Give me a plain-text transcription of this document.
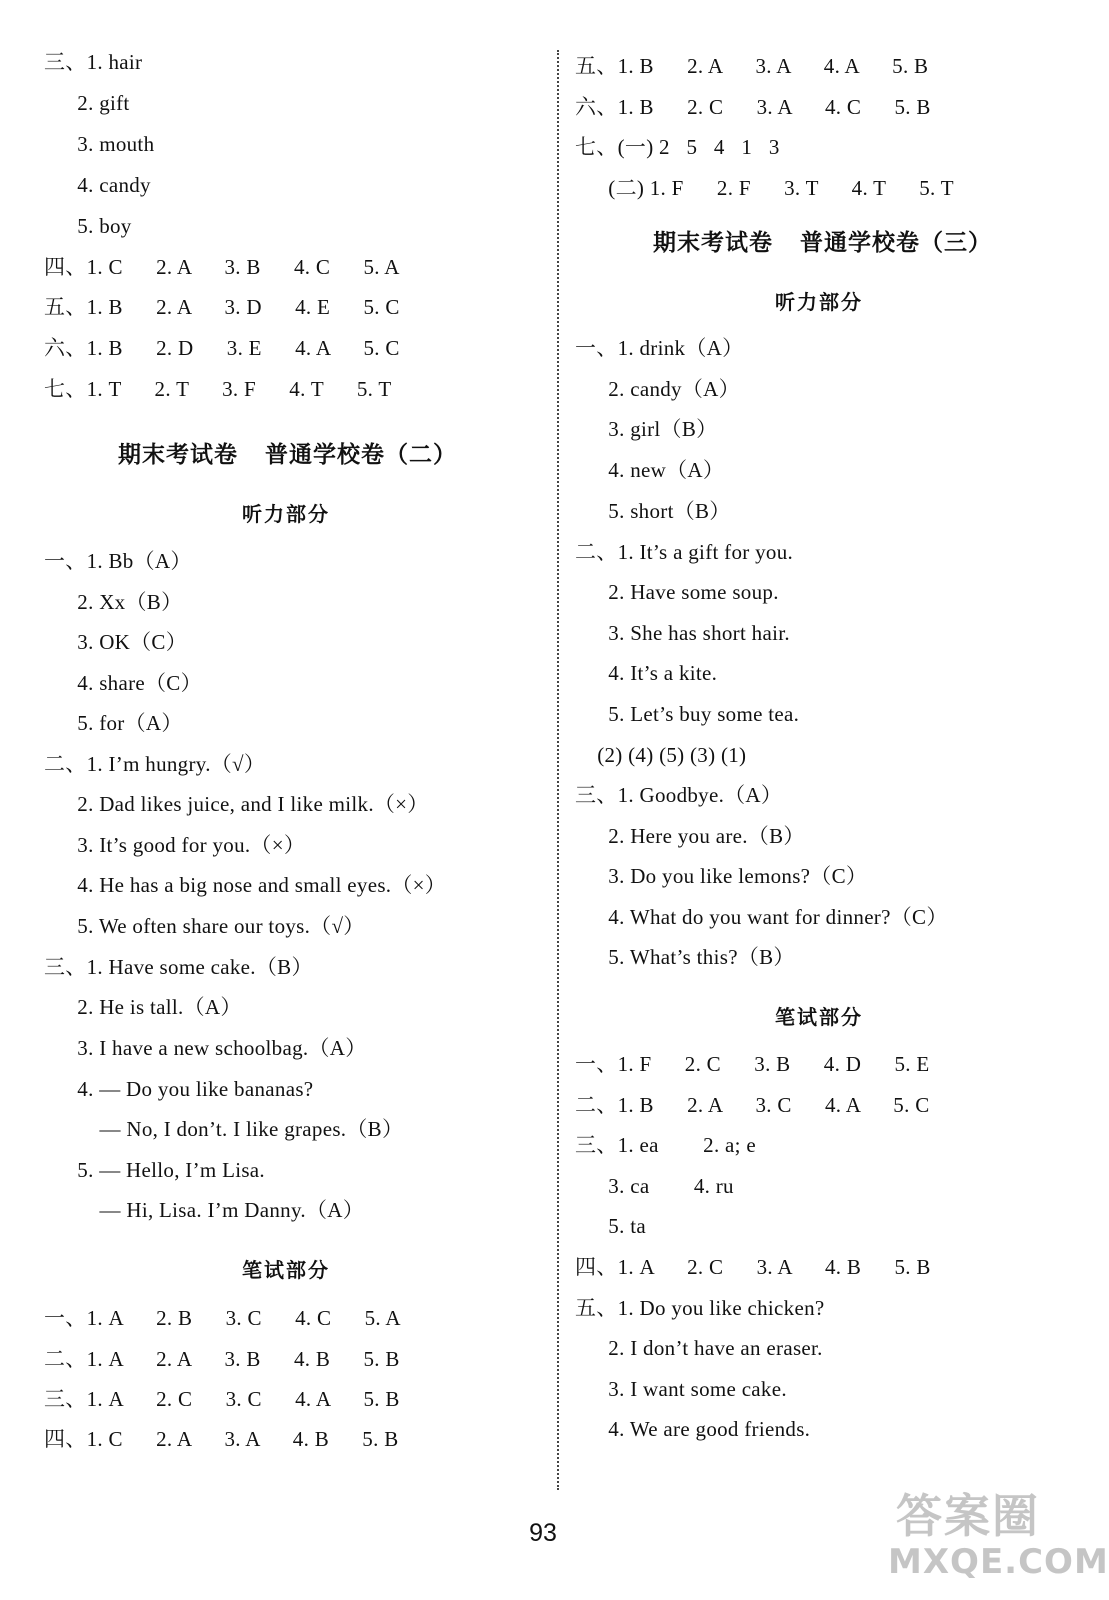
三、1. hair
2. gift
3. mouth
4. candy
5. boy
四、1. C      2. A      3. B      4. C      5. A
五、1. B      2. A      3. D      4. E      5. C
六、1. B      2. D      3. E      4. A      5. C
七、1. T      2. T      3. F      4. T      5. T
期末考试卷   普通学校卷（二）
听力部分
一、1. Bb（A）
2. Xx（B）
3. OK（C）
4. share（C）
5. for（A）
二、1. I’m hungry.（√）
2. Dad likes juice, and I like milk.（×）
3. It’s good for you.（×）
4. He has a big nose and small eyes.（×）
5. We often share our toys.（√）
三、1. Have some cake.（B）
2. He is tall.（A）
3. I have a new schoolbag.（A）
4. — Do you like bananas?
— No, I don’t. I like grapes.（B）
5. — Hello, I’m Lisa.
— Hi, Lisa. I’m Danny.（A）
笔试部分
一、1. A      2. B      3. C      4. C      5. A
二、1. A      2. A      3. B      4. B      5. B
三、1. A      2. C      3. C      4. A      5. B
四、1. C      2. A      3. A      4. B      5. B
五、1. B      2. A      3. A      4. A      5. B
六、1. B      2. C      3. A      4. C      5. B
七、(一) 2   5   4   1   3
(二) 1. F      2. F      3. T      4. T      5. T
期末考试卷   普通学校卷（三）
听力部分
一、1. drink（A）
2. candy（A）
3. girl（B）
4. new（A）
5. short（B）
二、1. It’s a gift for you.
2. Have some soup.
3. She has short hair.
4. It’s a kite.
5. Let’s buy some tea.
(2) (4) (5) (3) (1)
三、1. Goodbye.（A）
2. Here you are.（B）
3. Do you like lemons?（C）
4. What do you want for dinner?（C）
5. What’s this?（B）
笔试部分
一、1. F      2. C      3. B      4. D      5. E
二、1. B      2. A      3. C      4. A      5. C
三、1. ea        2. a; e
3. ca        4. ru
5. ta
四、1. A      2. C      3. A      4. B      5. B
五、1. Do you like chicken?
2. I don’t have an eraser.
3. I want some cake.
4. We are good friends.
93	答案圈
MXQE.COM
